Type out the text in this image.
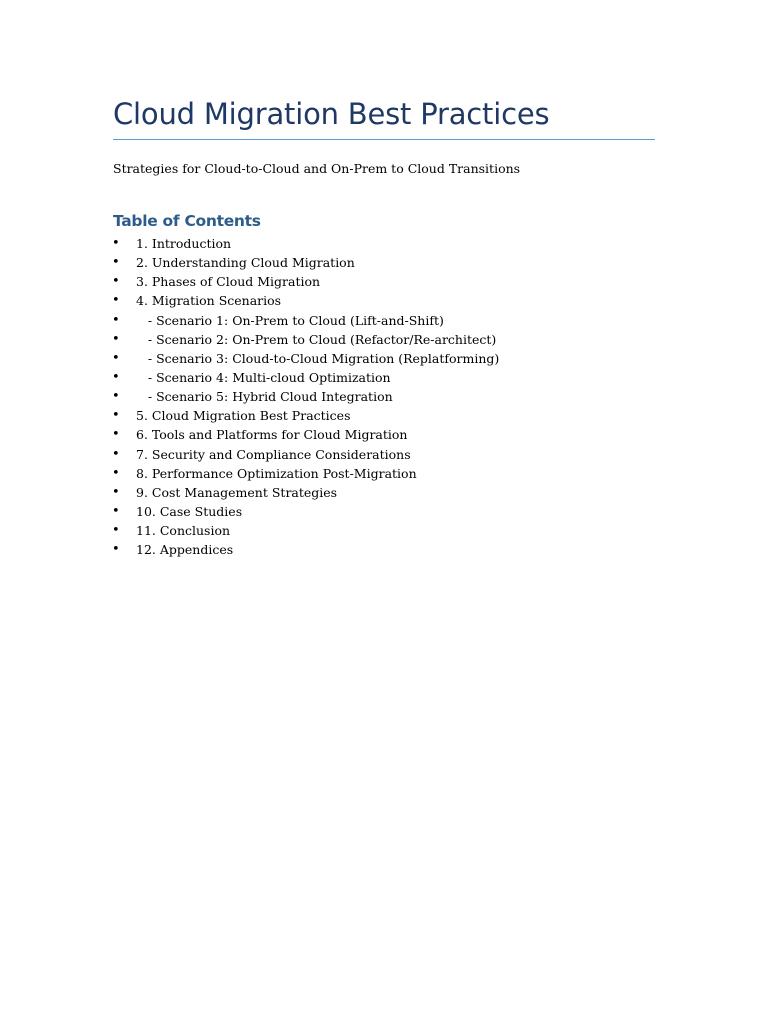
Cloud Migration Best Practices

Strategies for Cloud-to-Cloud and On-Prem to Cloud Transitions

Table of Contents
• 1. Introduction
• 2. Understanding Cloud Migration
• 3. Phases of Cloud Migration
• 4. Migration Scenarios
• - Scenario 1: On-Prem to Cloud (Lift-and-Shift)
• - Scenario 2: On-Prem to Cloud (Refactor/Re-architect)
• - Scenario 3: Cloud-to-Cloud Migration (Replatforming)
• - Scenario 4: Multi-cloud Optimization
• - Scenario 5: Hybrid Cloud Integration
• 5. Cloud Migration Best Practices
• 6. Tools and Platforms for Cloud Migration
• 7. Security and Compliance Considerations
• 8. Performance Optimization Post-Migration
• 9. Cost Management Strategies
• 10. Case Studies
• 11. Conclusion
• 12. Appendices
